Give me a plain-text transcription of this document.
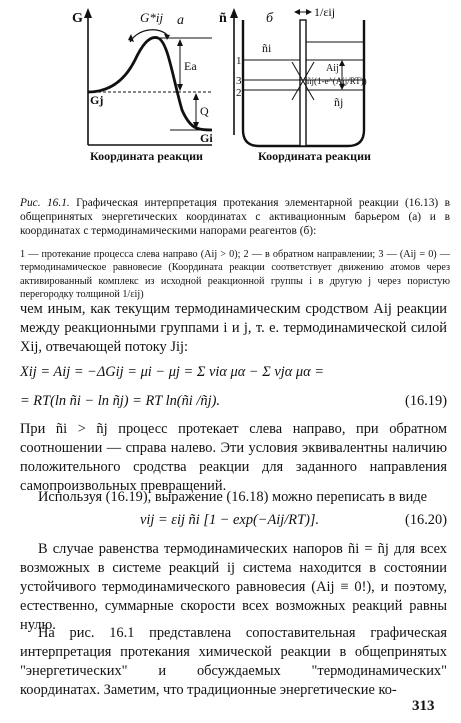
G	G*ij а
Ea
Q
Gj
Gi
Координата реакции
ñ	б	1/εij
ñi
Aij
ñj(1-e^(Aij/RT))
ñj
1
3
2
Координата реакции
Рис. 16.1. Графическая интерпретация протекания элементарной реакции (16.13) в общепринятых энергетических координатах с активационным барьером (а) и в координатах с термодинамическими напорами реагентов (б):
1 — протекание процесса слева направо (Aij > 0); 2 — в обратном направлении; 3 — (Aij = 0) — термодинамическое равновесие (Координата реакции соответствует движению атомов через активированный комплекс из исходной реакционной группы i в другую j через пористую перегородку толщиной 1/εij)
чем иным, как текущим термодинамическим сродством Aij реакции между реакционными группами i и j, т. е. термодинамической силой Xij, отвечающей потоку Jij:
Xij = Aij = −ΔGij = μi − μj = Σ νiα μα − Σ νjα μα =
= RT(ln ñi − ln ñj) = RT ln(ñi /ñj).	(16.19)
При ñi > ñj процесс протекает слева направо, при обратном соотношении — справа налево. Эти условия эквивалентны наличию положительного сродства реакции для заданного направления самопроизвольных превращений.
Используя (16.19), выражение (16.18) можно переписать в виде
vij = εij ñi [1 − exp(−Aij/RT)].	(16.20)
В случае равенства термодинамических напоров ñi = ñj для всех возможных в системе реакций ij система находится в состоянии устойчивого термодинамического равновесия (Aij ≡ 0!), и поэтому, естественно, суммарные скорости всех возможных реакций равны нулю.
На рис. 16.1 представлена сопоставительная графическая интерпретация протекания химической реакции в общепринятых "энергетических" и обсуждаемых "термодинамических" координатах. Заметим, что традиционные энергетические ко-
313
